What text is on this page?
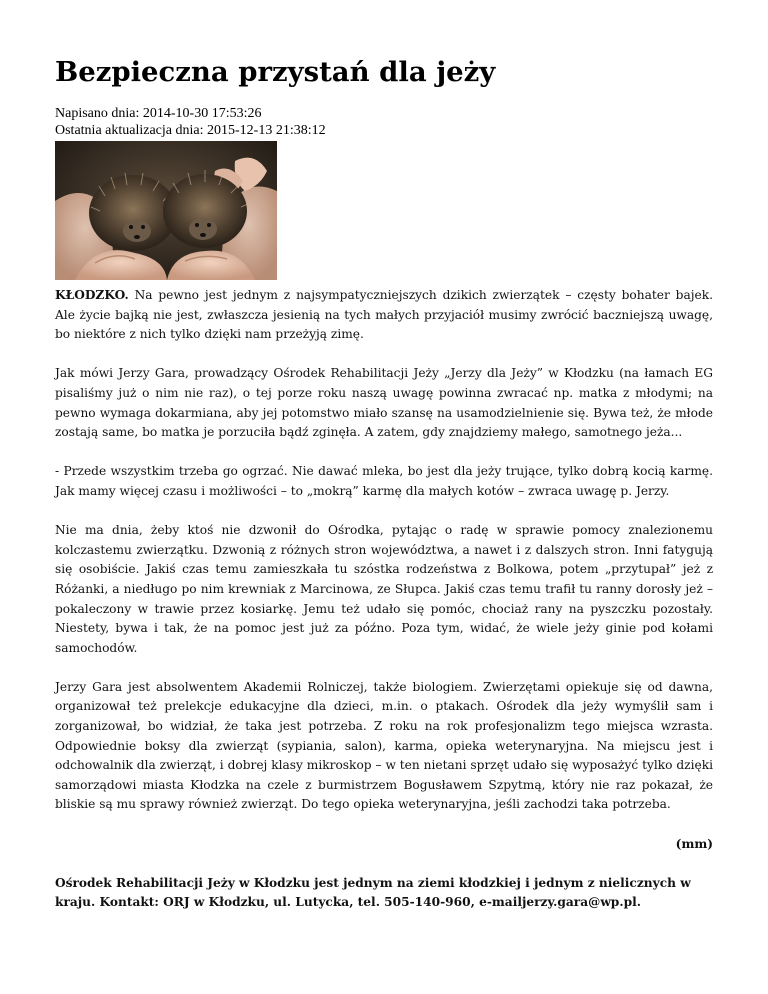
Bezpieczna przystań dla jeży
Napisano dnia: 2014-10-30 17:53:26
Ostatnia aktualizacja dnia: 2015-12-13 21:38:12

KŁODZKO. Na pewno jest jednym z najsympatyczniejszych dzikich zwierzątek – częsty bohater bajek. Ale życie bajką nie jest, zwłaszcza jesienią na tych małych przyjaciół musimy zwrócić baczniejszą uwagę, bo niektóre z nich tylko dzięki nam przeżyją zimę.

Jak mówi Jerzy Gara, prowadzący Ośrodek Rehabilitacji Jeży „Jerzy dla Jeży” w Kłodzku (na łamach EG pisaliśmy już o nim nie raz), o tej porze roku naszą uwagę powinna zwracać np. matka z młodymi; na pewno wymaga dokarmiana, aby jej potomstwo miało szansę na usamodzielnienie się. Bywa też, że młode zostają same, bo matka je porzuciła bądź zginęła. A zatem, gdy znajdziemy małego, samotnego jeża...

- Przede wszystkim trzeba go ogrzać. Nie dawać mleka, bo jest dla jeży trujące, tylko dobrą kocią karmę. Jak mamy więcej czasu i możliwości – to „mokrą” karmę dla małych kotów – zwraca uwagę p. Jerzy.

Nie ma dnia, żeby ktoś nie dzwonił do Ośrodka, pytając o radę w sprawie pomocy znalezionemu kolczastemu zwierzątku. Dzwonią z różnych stron województwa, a nawet i z dalszych stron. Inni fatygują się osobiście. Jakiś czas temu zamieszkała tu szóstka rodzeństwa z Bolkowa, potem „przytupał” jeż z Różanki, a niedługo po nim krewniak z Marcinowa, ze Słupca. Jakiś czas temu trafił tu ranny dorosły jeż – pokaleczony w trawie przez kosiarkę. Jemu też udało się pomóc, chociaż rany na pyszczku pozostały. Niestety, bywa i tak, że na pomoc jest już za późno. Poza tym, widać, że wiele jeży ginie pod kołami samochodów.

Jerzy Gara jest absolwentem Akademii Rolniczej, także biologiem. Zwierzętami opiekuje się od dawna, organizował też prelekcje edukacyjne dla dzieci, m.in. o ptakach. Ośrodek dla jeży wymyślił sam i zorganizował, bo widział, że taka jest potrzeba. Z roku na rok profesjonalizm tego miejsca wzrasta. Odpowiednie boksy dla zwierząt (sypiania, salon), karma, opieka weterynaryjna. Na miejscu jest i odchowalnik dla zwierząt, i dobrej klasy mikroskop – w ten nietani sprzęt udało się wyposażyć tylko dzięki samorządowi miasta Kłodzka na czele z burmistrzem Bogusławem Szpytmą, który nie raz pokazał, że bliskie są mu sprawy również zwierząt. Do tego opieka weterynaryjna, jeśli zachodzi taka potrzeba.

(mm)

Ośrodek Rehabilitacji Jeży w Kłodzku jest jednym na ziemi kłodzkiej i jednym z nielicznych w kraju. Kontakt: ORJ w Kłodzku, ul. Lutycka, tel. 505-140-960, e-mailjerzy.gara@wp.pl.
